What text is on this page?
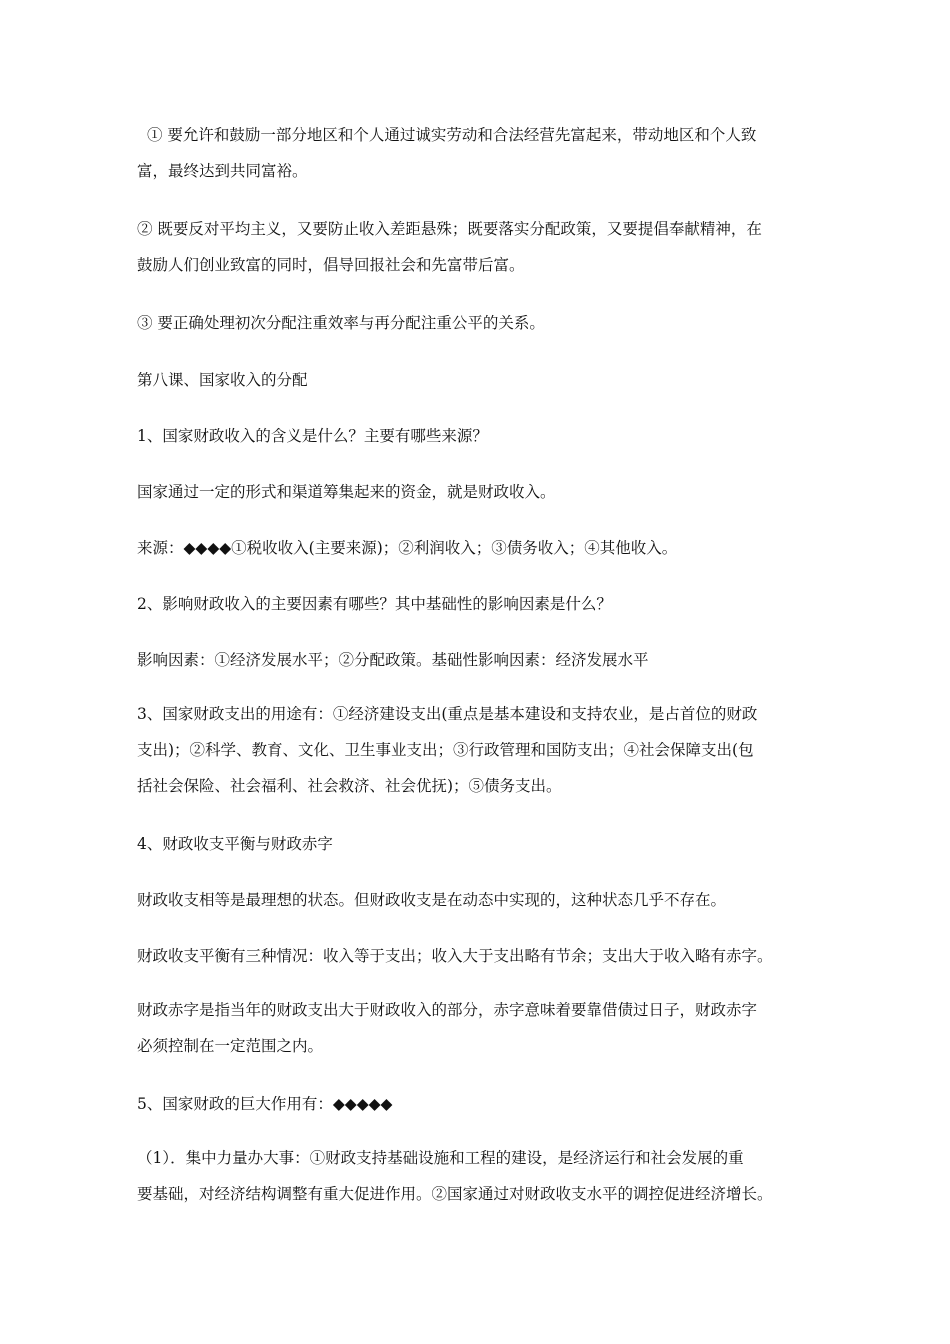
① 要允许和鼓励一部分地区和个人通过诚实劳动和合法经营先富起来，带动地区和个人致
富，最终达到共同富裕。
② 既要反对平均主义，又要防止收入差距悬殊；既要落实分配政策，又要提倡奉献精神，在
鼓励人们创业致富的同时，倡导回报社会和先富带后富。
③ 要正确处理初次分配注重效率与再分配注重公平的关系。
第八课、国家收入的分配
1、国家财政收入的含义是什么？主要有哪些来源？
国家通过一定的形式和渠道筹集起来的资金，就是财政收入。
来源：◆◆◆◆①税收收入(主要来源)；②利润收入；③债务收入；④其他收入。
2、影响财政收入的主要因素有哪些？其中基础性的影响因素是什么？
影响因素：①经济发展水平；②分配政策。基础性影响因素：经济发展水平
3、国家财政支出的用途有：①经济建设支出(重点是基本建设和支持农业，是占首位的财政
支出)；②科学、教育、文化、卫生事业支出；③行政管理和国防支出；④社会保障支出(包
括社会保险、社会福利、社会救济、社会优抚)；⑤债务支出。
4、财政收支平衡与财政赤字
财政收支相等是最理想的状态。但财政收支是在动态中实现的，这种状态几乎不存在。
财政收支平衡有三种情况：收入等于支出；收入大于支出略有节余；支出大于收入略有赤字。
财政赤字是指当年的财政支出大于财政收入的部分，赤字意味着要靠借债过日子，财政赤字
必须控制在一定范围之内。
5、国家财政的巨大作用有：◆◆◆◆◆
（1）．集中力量办大事：①财政支持基础设施和工程的建设，是经济运行和社会发展的重
要基础，对经济结构调整有重大促进作用。②国家通过对财政收支水平的调控促进经济增长。
